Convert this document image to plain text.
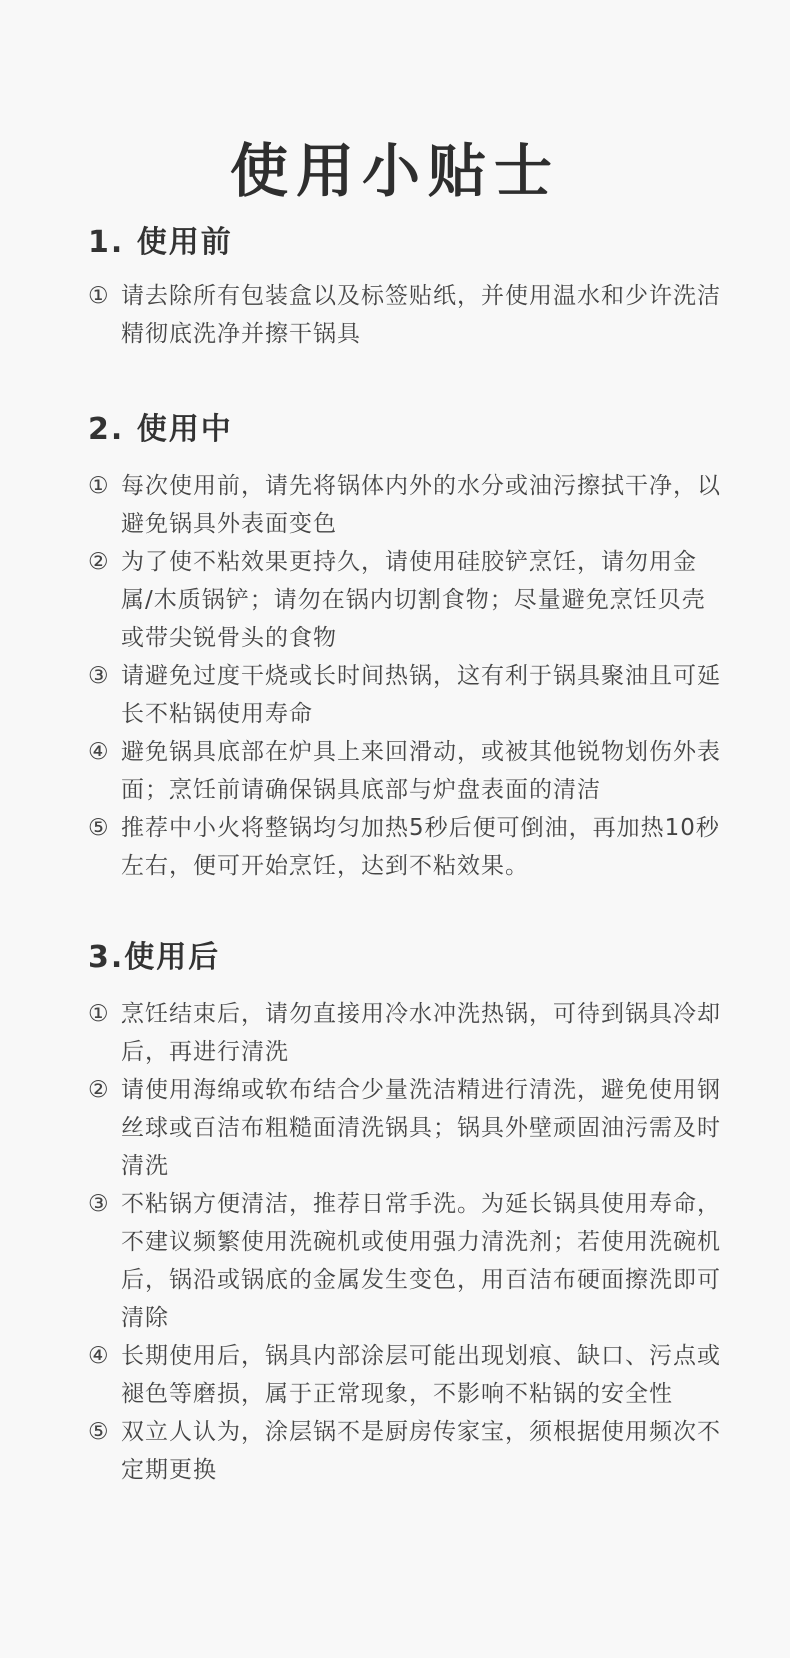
使用小贴士
1. 使用前
① 请去除所有包装盒以及标签贴纸，并使用温水和少许洗洁精彻底洗净并擦干锅具
2. 使用中
① 每次使用前，请先将锅体内外的水分或油污擦拭干净，以避免锅具外表面变色
② 为了使不粘效果更持久，请使用硅胶铲烹饪，请勿用金属/木质锅铲；请勿在锅内切割食物；尽量避免烹饪贝壳或带尖锐骨头的食物
③ 请避免过度干烧或长时间热锅，这有利于锅具聚油且可延长不粘锅使用寿命
④ 避免锅具底部在炉具上来回滑动，或被其他锐物划伤外表面；烹饪前请确保锅具底部与炉盘表面的清洁
⑤ 推荐中小火将整锅均匀加热5秒后便可倒油，再加热10秒左右，便可开始烹饪，达到不粘效果。
3.使用后
① 烹饪结束后，请勿直接用冷水冲洗热锅，可待到锅具冷却后，再进行清洗
② 请使用海绵或软布结合少量洗洁精进行清洗，避免使用钢丝球或百洁布粗糙面清洗锅具；锅具外壁顽固油污需及时清洗
③ 不粘锅方便清洁，推荐日常手洗。为延长锅具使用寿命，不建议频繁使用洗碗机或使用强力清洗剂；若使用洗碗机后，锅沿或锅底的金属发生变色，用百洁布硬面擦洗即可清除
④ 长期使用后，锅具内部涂层可能出现划痕、缺口、污点或褪色等磨损，属于正常现象，不影响不粘锅的安全性
⑤ 双立人认为，涂层锅不是厨房传家宝，须根据使用频次不定期更换
